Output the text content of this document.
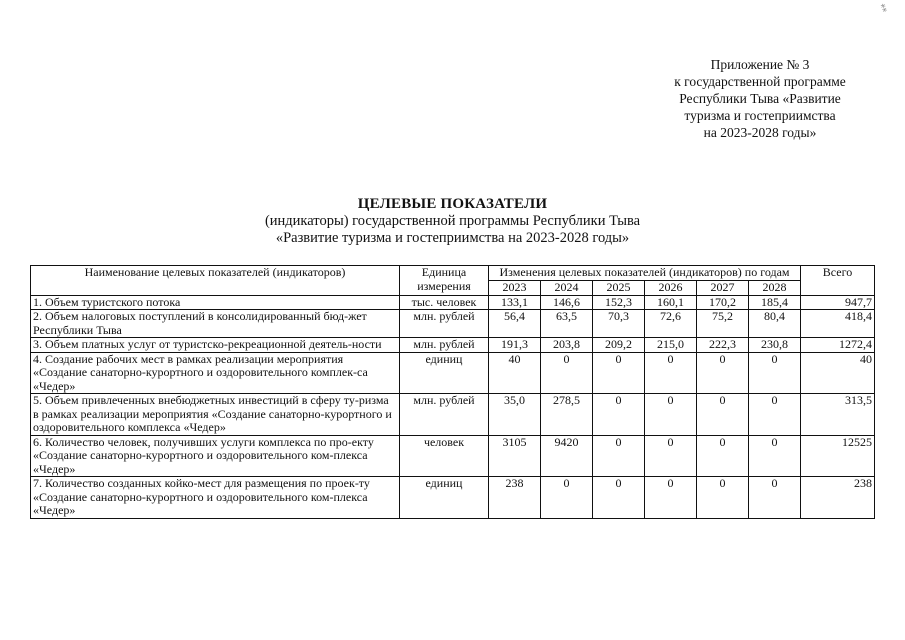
⁑
Приложение № 3
к государственной программе
Республики Тыва «Развитие
туризма и гостеприимства
на 2023-2028 годы»
ЦЕЛЕВЫЕ ПОКАЗАТЕЛИ
(индикаторы) государственной программы Республики Тыва
«Развитие туризма и гостеприимства на 2023-2028 годы»
Наименование целевых показателей (индикаторов)	Единица измерения	Изменения целевых показателей (индикаторов) по годам						Всего
		2023	2024	2025	2026	2027	2028	
1. Объем туристского потока	тыс. человек	133,1	146,6	152,3	160,1	170,2	185,4	947,7
2. Объем налоговых поступлений в консолидированный бюд-жет Республики Тыва	млн. рублей	56,4	63,5	70,3	72,6	75,2	80,4	418,4
3. Объем платных услуг от туристско-рекреационной деятель-ности	млн. рублей	191,3	203,8	209,2	215,0	222,3	230,8	1272,4
4. Создание рабочих мест в рамках реализации мероприятия «Создание санаторно-курортного и оздоровительного комплек-са «Чедер»	единиц	40	0	0	0	0	0	40
5. Объем привлеченных внебюджетных инвестиций в сферу ту-ризма в рамках реализации мероприятия «Создание санаторно-курортного и оздоровительного комплекса «Чедер»	млн. рублей	35,0	278,5	0	0	0	0	313,5
6. Количество человек, получивших услуги комплекса по про-екту «Создание санаторно-курортного и оздоровительного ком-плекса «Чедер»	человек	3105	9420	0	0	0	0	12525
7. Количество созданных койко-мест для размещения по проек-ту «Создание санаторно-курортного и оздоровительного ком-плекса «Чедер»	единиц	238	0	0	0	0	0	238
